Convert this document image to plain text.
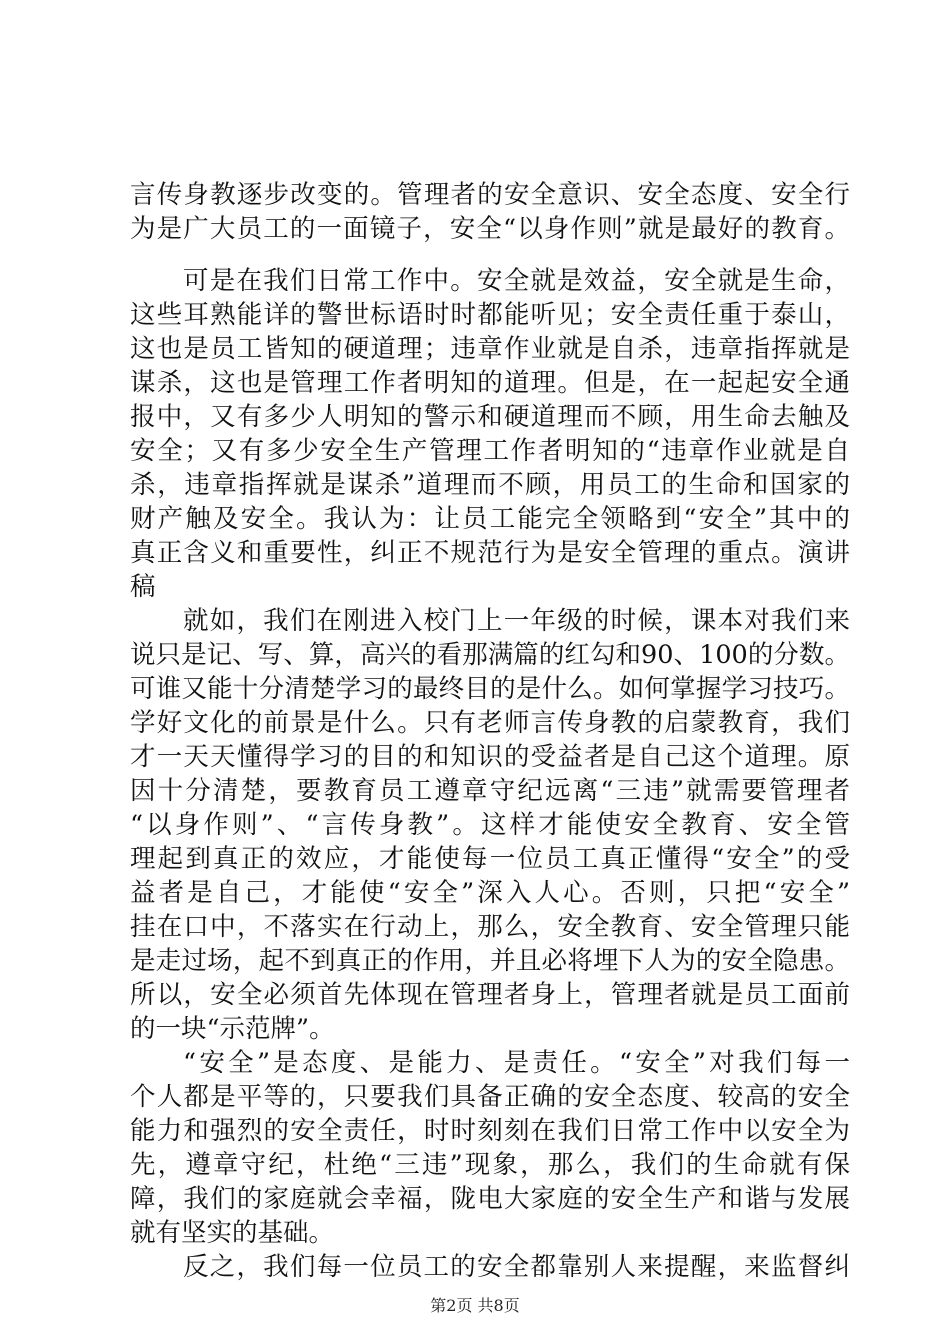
言传身教逐步改变的。管理者的安全意识、安全态度、安全行
为是广大员工的一面镜子，安全“以身作则”就是最好的教育。
可是在我们日常工作中。安全就是效益，安全就是生命，
这些耳熟能详的警世标语时时都能听见；安全责任重于泰山，
这也是员工皆知的硬道理；违章作业就是自杀，违章指挥就是
谋杀，这也是管理工作者明知的道理。但是，在一起起安全通
报中，又有多少人明知的警示和硬道理而不顾，用生命去触及
安全；又有多少安全生产管理工作者明知的“违章作业就是自
杀，违章指挥就是谋杀”道理而不顾，用员工的生命和国家的
财产触及安全。我认为：让员工能完全领略到“安全”其中的
真正含义和重要性，纠正不规范行为是安全管理的重点。演讲
稿
就如，我们在刚进入校门上一年级的时候，课本对我们来
说只是记、写、算，高兴的看那满篇的红勾和90、100的分数。
可谁又能十分清楚学习的最终目的是什么。如何掌握学习技巧。
学好文化的前景是什么。只有老师言传身教的启蒙教育，我们
才一天天懂得学习的目的和知识的受益者是自己这个道理。原
因十分清楚，要教育员工遵章守纪远离“三违”就需要管理者
“以身作则”、“言传身教”。这样才能使安全教育、安全管
理起到真正的效应，才能使每一位员工真正懂得“安全”的受
益者是自己，才能使“安全”深入人心。否则，只把“安全”
挂在口中，不落实在行动上，那么，安全教育、安全管理只能
是走过场，起不到真正的作用，并且必将埋下人为的安全隐患。
所以，安全必须首先体现在管理者身上，管理者就是员工面前
的一块“示范牌”。
“安全”是态度、是能力、是责任。“安全”对我们每一
个人都是平等的，只要我们具备正确的安全态度、较高的安全
能力和强烈的安全责任，时时刻刻在我们日常工作中以安全为
先，遵章守纪，杜绝“三违”现象，那么，我们的生命就有保
障，我们的家庭就会幸福，陇电大家庭的安全生产和谐与发展
就有坚实的基础。
反之，我们每一位员工的安全都靠别人来提醒，来监督纠
第2页 共8页
